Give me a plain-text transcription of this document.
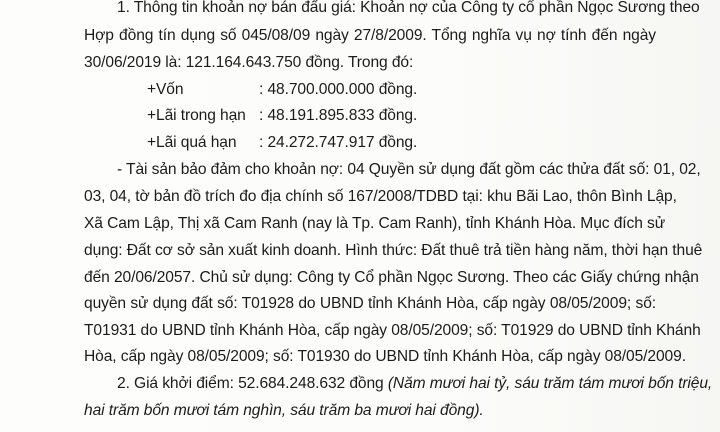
1. Thông tin khoản nợ bán đấu giá: Khoản nợ của Công ty cổ phần Ngọc Sương theo
Hợp đồng tín dụng số 045/08/09 ngày 27/8/2009. Tổng nghĩa vụ nợ tính đến ngày
30/06/2019 là: 121.164.643.750 đồng. Trong đó:
+Vốn	: 48.700.000.000 đồng.
+Lãi trong hạn : 48.191.895.833 đồng.
+Lãi quá hạn : 24.272.747.917 đồng.
- Tài sản bảo đảm cho khoản nợ: 04 Quyền sử dụng đất gồm các thửa đất số: 01, 02,
03, 04, tờ bản đồ trích đo địa chính số 167/2008/TDBD tại: khu Bãi Lao, thôn Bình Lập,
Xã Cam Lập, Thị xã Cam Ranh (nay là Tp. Cam Ranh), tỉnh Khánh Hòa. Mục đích sử
dụng: Đất cơ sở sản xuất kinh doanh. Hình thức: Đất thuê trả tiền hàng năm, thời hạn thuê
đến 20/06/2057. Chủ sử dụng: Công ty Cổ phần Ngọc Sương. Theo các Giấy chứng nhận
quyền sử dụng đất số: T01928 do UBND tỉnh Khánh Hòa, cấp ngày 08/05/2009; số:
T01931 do UBND tỉnh Khánh Hòa, cấp ngày 08/05/2009; số: T01929 do UBND tỉnh Khánh
Hòa, cấp ngày 08/05/2009; số: T01930 do UBND tỉnh Khánh Hòa, cấp ngày 08/05/2009.
2. Giá khởi điểm: 52.684.248.632 đồng (Năm mươi hai tỷ, sáu trăm tám mươi bốn triệu,
hai trăm bốn mươi tám nghìn, sáu trăm ba mươi hai đồng).
